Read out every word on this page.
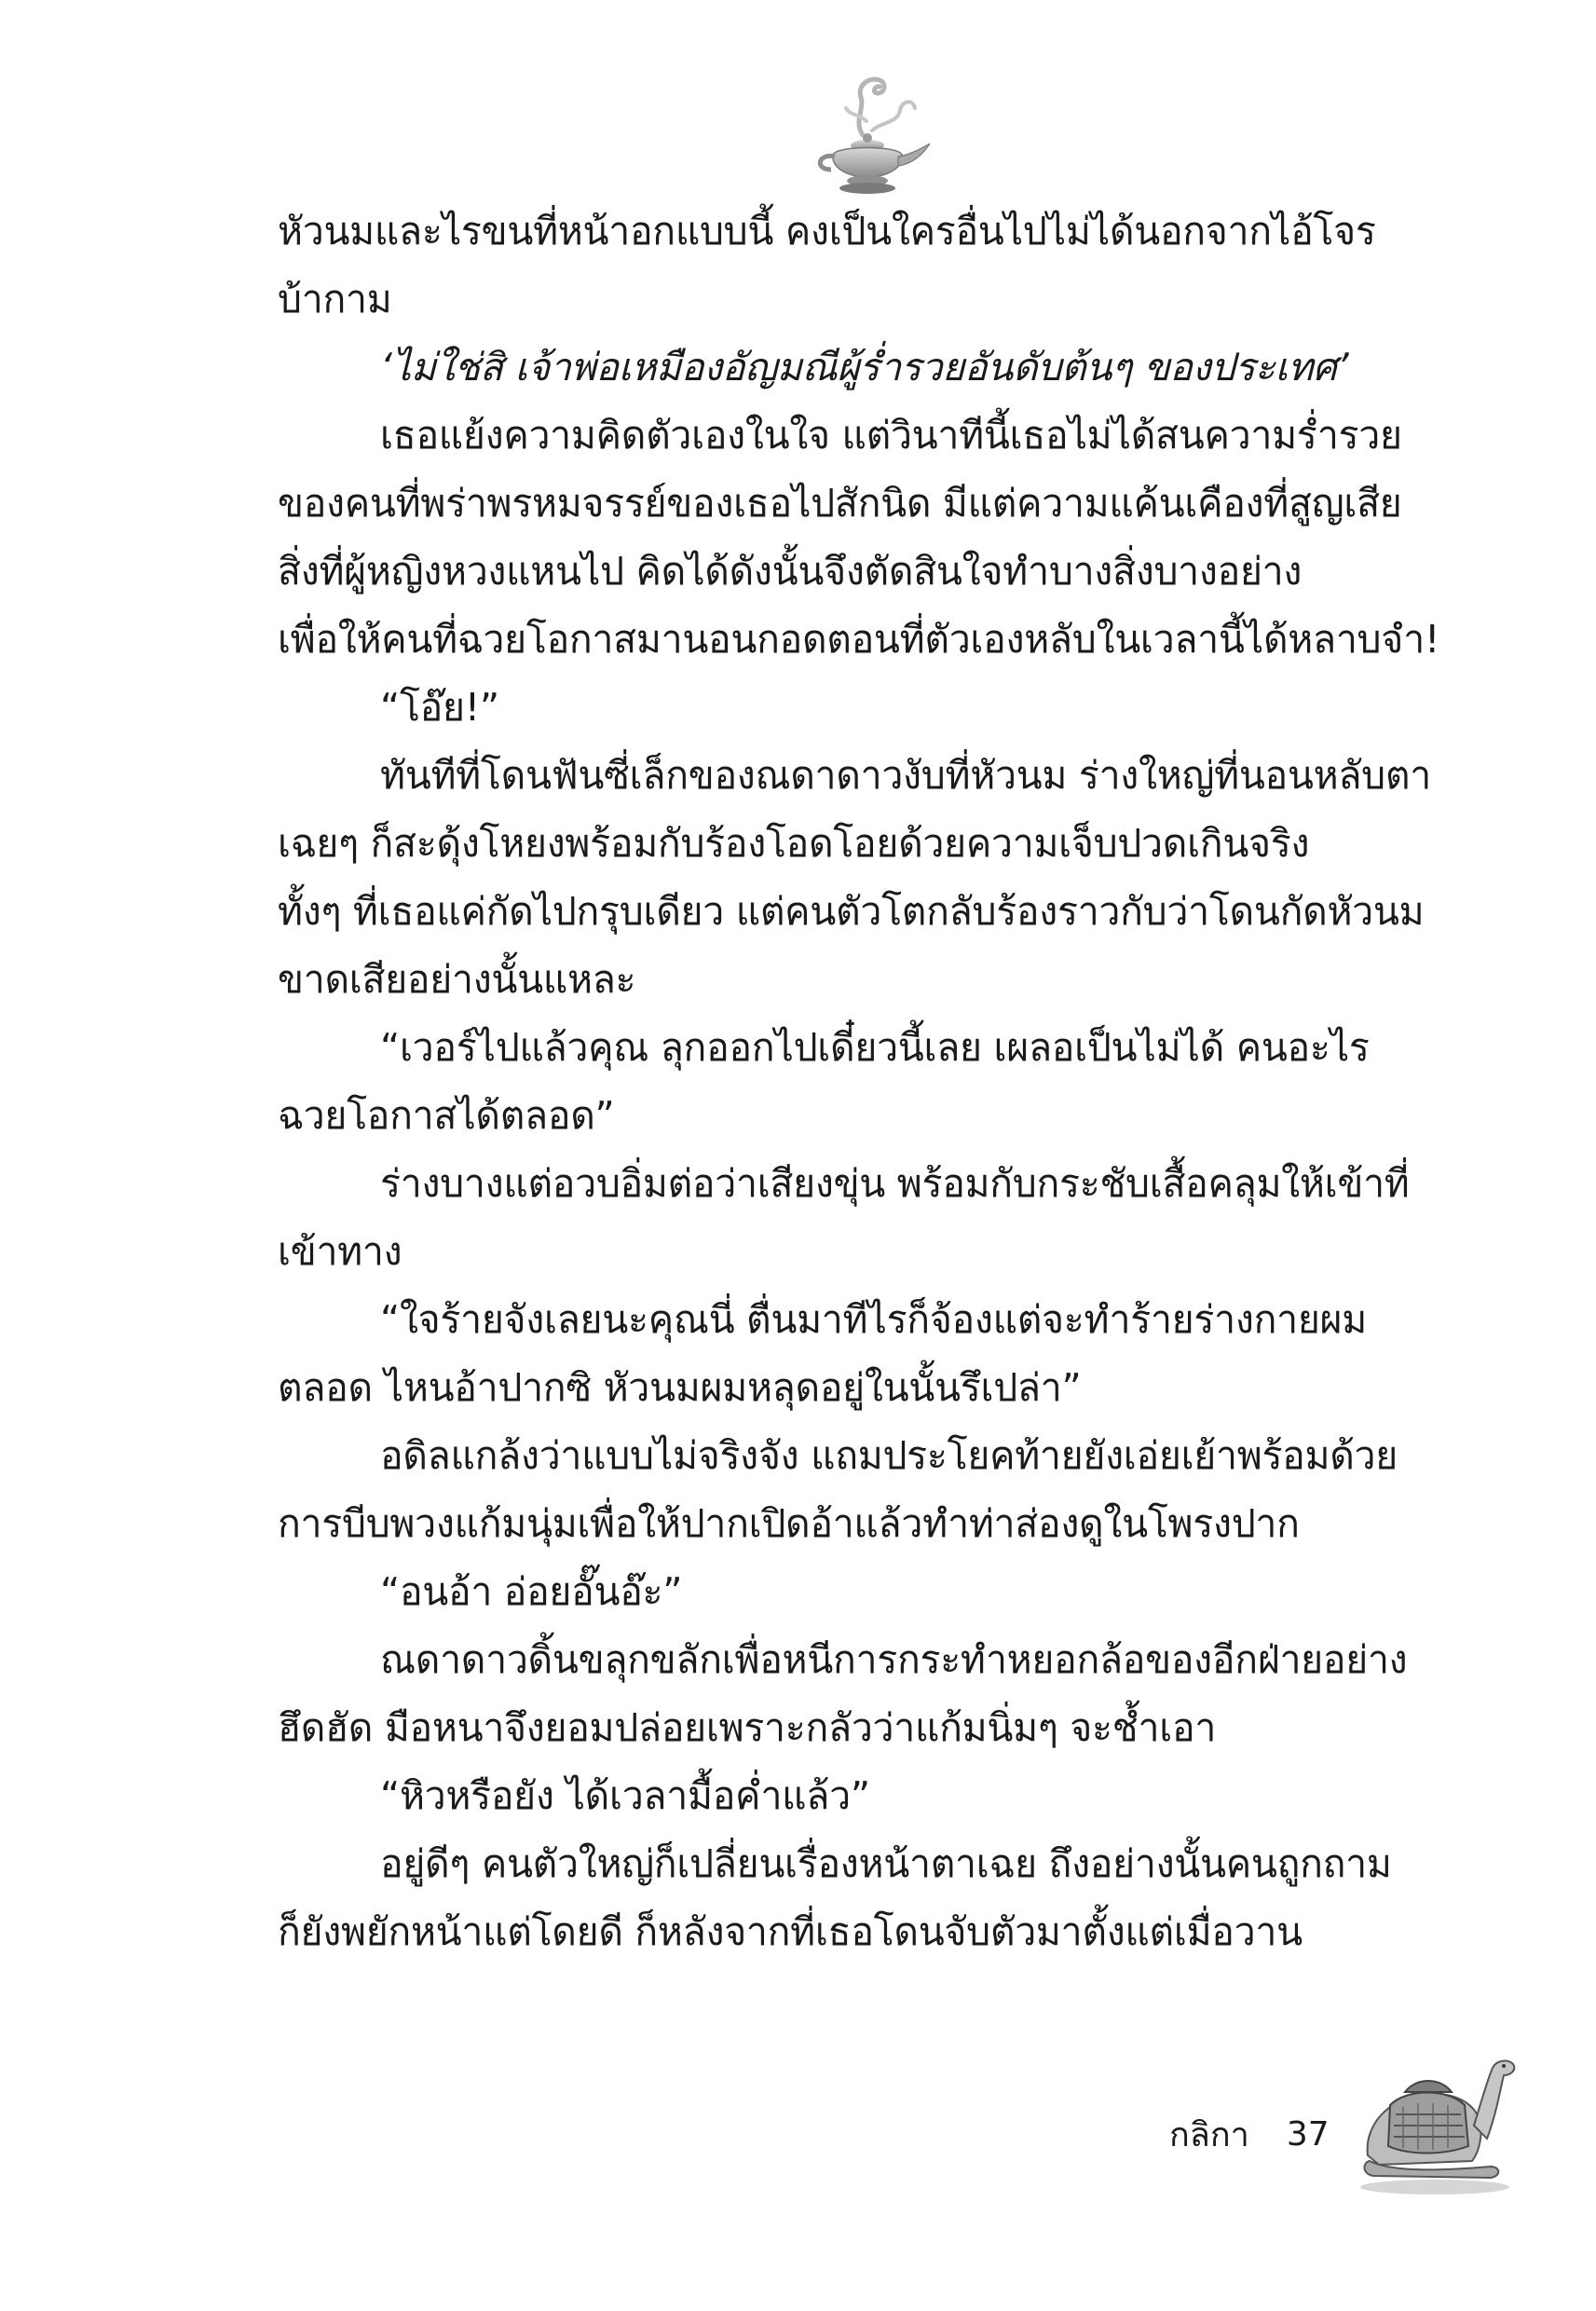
หัวนมและไรขนที่หน้าอกแบบนี้ คงเป็นใครอื่นไปไม่ได้นอกจากไอ้โจร
บ้ากาม
‘ไม่ใช่สิ เจ้าพ่อเหมืองอัญมณีผู้ร่ำรวยอันดับต้นๆ ของประเทศ’
เธอแย้งความคิดตัวเองในใจ แต่วินาทีนี้เธอไม่ได้สนความร่ำรวย
ของคนที่พร่าพรหมจรรย์ของเธอไปสักนิด มีแต่ความแค้นเคืองที่สูญเสีย
สิ่งที่ผู้หญิงหวงแหนไป คิดได้ดังนั้นจึงตัดสินใจทำบางสิ่งบางอย่าง
เพื่อให้คนที่ฉวยโอกาสมานอนกอดตอนที่ตัวเองหลับในเวลานี้ได้หลาบจำ!
“โอ๊ย!”
ทันทีที่โดนฟันซี่เล็กของณดาดาวงับที่หัวนม ร่างใหญ่ที่นอนหลับตา
เฉยๆ ก็สะดุ้งโหยงพร้อมกับร้องโอดโอยด้วยความเจ็บปวดเกินจริง
ทั้งๆ ที่เธอแค่กัดไปกรุบเดียว แต่คนตัวโตกลับร้องราวกับว่าโดนกัดหัวนม
ขาดเสียอย่างนั้นแหละ
“เวอร์ไปแล้วคุณ ลุกออกไปเดี๋ยวนี้เลย เผลอเป็นไม่ได้ คนอะไร
ฉวยโอกาสได้ตลอด”
ร่างบางแต่อวบอิ่มต่อว่าเสียงขุ่น พร้อมกับกระชับเสื้อคลุมให้เข้าที่
เข้าทาง
“ใจร้ายจังเลยนะคุณนี่ ตื่นมาทีไรก็จ้องแต่จะทำร้ายร่างกายผม
ตลอด ไหนอ้าปากซิ หัวนมผมหลุดอยู่ในนั้นรึเปล่า”
อดิลแกล้งว่าแบบไม่จริงจัง แถมประโยคท้ายยังเอ่ยเย้าพร้อมด้วย
การบีบพวงแก้มนุ่มเพื่อให้ปากเปิดอ้าแล้วทำท่าส่องดูในโพรงปาก
“อนอ้า อ่อยอั๊นอ๊ะ”
ณดาดาวดิ้นขลุกขลักเพื่อหนีการกระทำหยอกล้อของอีกฝ่ายอย่าง
ฮึดฮัด มือหนาจึงยอมปล่อยเพราะกลัวว่าแก้มนิ่มๆ จะช้ำเอา
“หิวหรือยัง ได้เวลามื้อค่ำแล้ว”
อยู่ดีๆ คนตัวใหญ่ก็เปลี่ยนเรื่องหน้าตาเฉย ถึงอย่างนั้นคนถูกถาม
ก็ยังพยักหน้าแต่โดยดี ก็หลังจากที่เธอโดนจับตัวมาตั้งแต่เมื่อวาน
กลิกา 37
